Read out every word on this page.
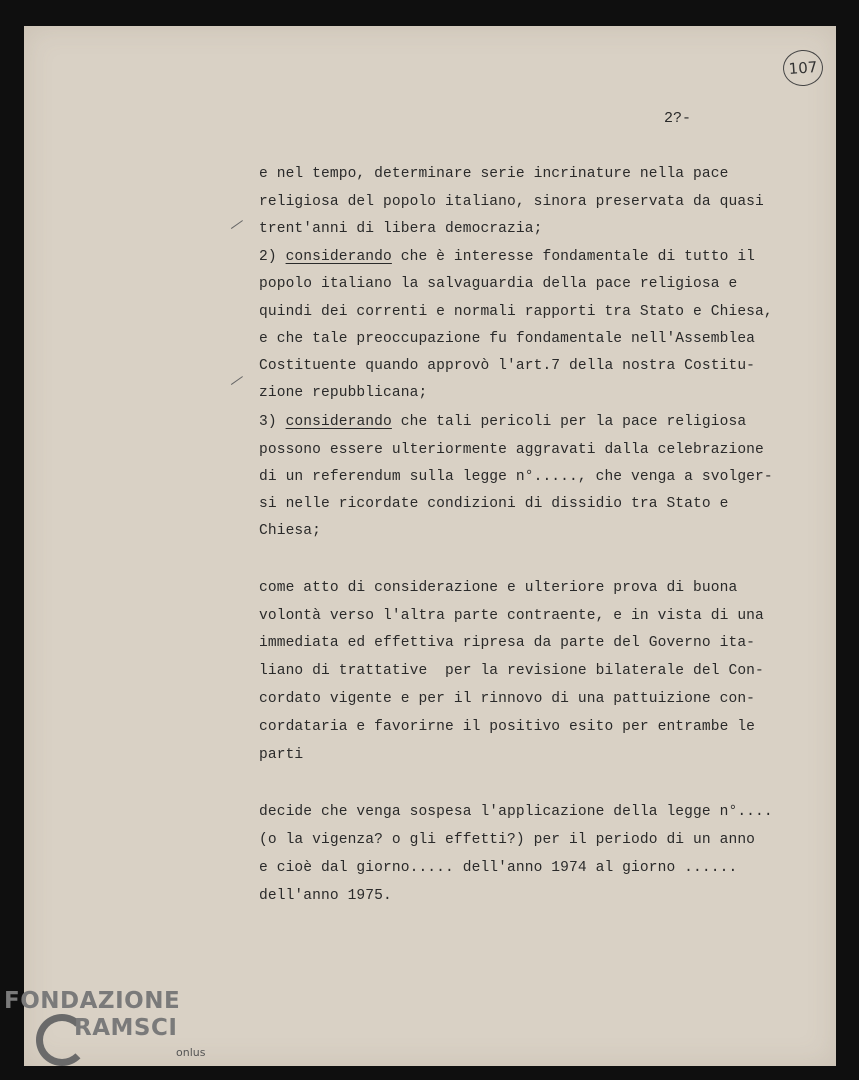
107
2?-
e nel tempo, determinare serie incrinature nella pace
religiosa del popolo italiano, sinora preservata da quasi
trent'anni di libera democrazia;
2) considerando che è interesse fondamentale di tutto il
popolo italiano la salvaguardia della pace religiosa e
quindi dei correnti e normali rapporti tra Stato e Chiesa,
e che tale preoccupazione fu fondamentale nell'Assemblea
Costituente quando approvò l'art.7 della nostra Costitu-
zione repubblicana;
3) considerando che tali pericoli per la pace religiosa
possono essere ulteriormente aggravati dalla celebrazione
di un referendum sulla legge n°....., che venga a svolger-
si nelle ricordate condizioni di dissidio tra Stato e
Chiesa;
come atto di considerazione e ulteriore prova di buona
volontà verso l'altra parte contraente, e in vista di una
immediata ed effettiva ripresa da parte del Governo ita-
liano di trattative  per la revisione bilaterale del Con-
cordato vigente e per il rinnovo di una pattuizione con-
cordataria e favorirne il positivo esito per entrambe le
parti
decide che venga sospesa l'applicazione della legge n°....
(o la vigenza? o gli effetti?) per il periodo di un anno
e cioè dal giorno..... dell'anno 1974 al giorno ......
dell'anno 1975.
FONDAZIONE
RAMSCI
onlus
